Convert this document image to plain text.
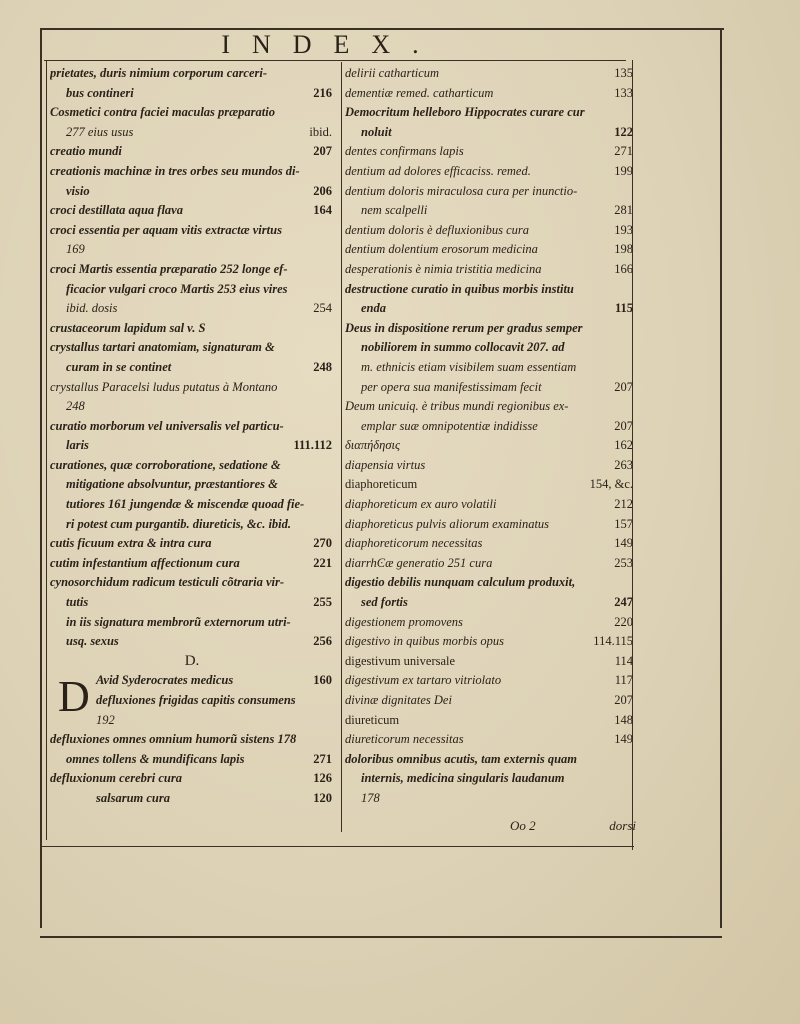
INDEX.
prietates, duris nimium corporum carceri-
bus contineri	216
Cosmetici contra faciei maculas præparatio
277 eius usus	ibid.
creatio mundi	207
creationis machinæ in tres orbes seu mundos di-
visio	206
croci destillata aqua flava	164
croci essentia per aquam vitis extractæ virtus
169
croci Martis essentia præparatio 252 longe ef-
ficacior vulgari croco Martis 253 eius vires
ibid. dosis	254
crustaceorum lapidum sal v. S
crystallus tartari anatomiam, signaturam &
curam in se continet	248
crystallus Paracelsi ludus putatus à Montano
248
curatio morborum vel universalis vel particu-
laris	111.112
curationes, quæ corroboratione, sedatione &
mitigatione absolvuntur, præstantiores &
tutiores 161 jungendæ & miscendæ quoad fie-
ri potest cum purgantib. diureticis, &c. ibid.
cutis ficuum extra & intra cura	270
cutim infestantium affectionum cura	221
cynosorchidum radicum testiculi cõtraria vir-
tutis	255
in iis signatura membrorũ externorum utri-
usq. sexus	256
D.
Avid Syderocrates medicus	160
defluxiones frigidas capitis consumens
192
defluxiones omnes omnium humorũ sistens 178
omnes tollens & mundificans lapis	271
defluxionum cerebri cura	126
salsarum cura	120
delirii catharticum	135
dementiæ remed. catharticum	133
Democritum helleboro Hippocrates curare cur
noluit	122
dentes confirmans lapis	271
dentium ad dolores efficaciss. remed.	199
dentium doloris miraculosa cura per inunctio-
nem scalpelli	281
dentium doloris è defluxionibus cura	193
dentium dolentium erosorum medicina	198
desperationis è nimia tristitia medicina	166
destructione curatio in quibus morbis institu
enda	115
Deus in dispositione rerum per gradus semper
nobiliorem in summo collocavit 207. ad
m. ethnicis etiam visibilem suam essentiam
per opera sua manifestissimam fecit	207
Deum unicuiq. è tribus mundi regionibus ex-
emplar suæ omnipotentiæ indidisse	207
διαπήδησις	162
diapensia virtus	263
diaphoreticum	154, &c.
diaphoreticum ex auro volatili	212
diaphoreticus pulvis aliorum examinatus	157
diaphoreticorum necessitas	149
diarrhϾæ generatio 251 cura	253
digestio debilis nunquam calculum produxit,
sed fortis	247
digestionem promovens	220
digestivo in quibus morbis opus	114.115
digestivum universale	114
digestivum ex tartaro vitriolato	117
divinæ dignitates Dei	207
diureticum	148
diureticorum necessitas	149
doloribus omnibus acutis, tam externis quam
internis, medicina singularis laudanum
178
D
Oo 2	dorsi
